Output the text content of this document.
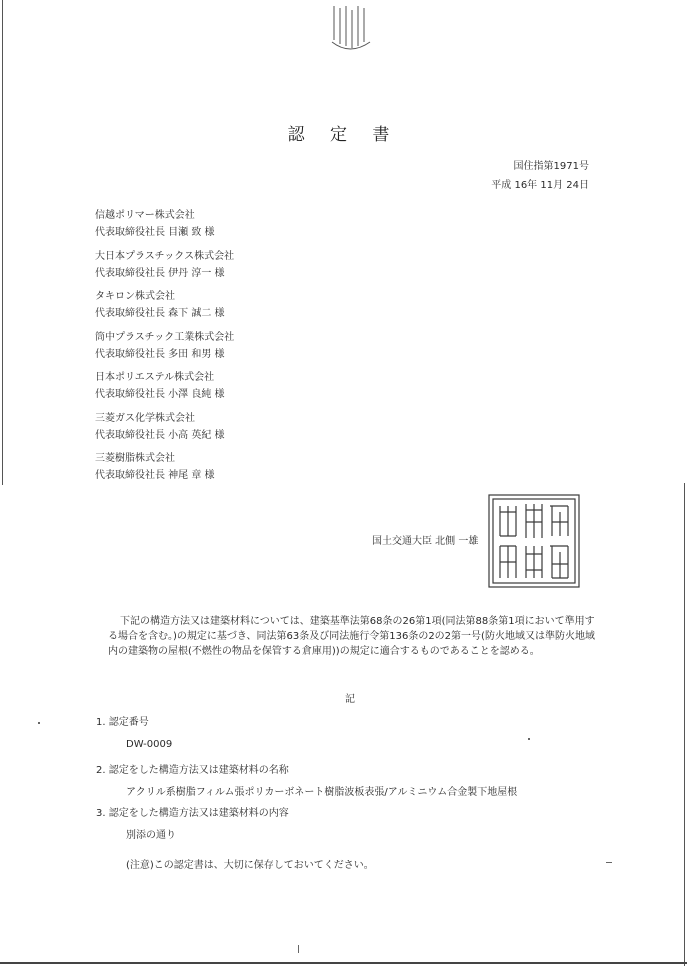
認 定 書
国住指第1971号
平成 16年 11月 24日
信越ポリマー株式会社
代表取締役社長 目瀬 致 様
大日本プラスチックス株式会社
代表取締役社長 伊丹 淳一 様
タキロン株式会社
代表取締役社長 森下 誠二 様
筒中プラスチック工業株式会社
代表取締役社長 多田 和男 様
日本ポリエステル株式会社
代表取締役社長 小澤 良純 様
三菱ガス化学株式会社
代表取締役社長 小高 英紀 様
三菱樹脂株式会社
代表取締役社長 神尾 章 様
国土交通大臣 北側 一雄
下記の構造方法又は建築材料については、建築基準法第68条の26第1項(同法第88条第1項において準用する場合を含む。)の規定に基づき、同法第63条及び同法施行令第136条の2の2第一号(防火地域又は準防火地域内の建築物の屋根(不燃性の物品を保管する倉庫用))の規定に適合するものであることを認める。
記
1. 認定番号
DW-0009
2. 認定をした構造方法又は建築材料の名称
アクリル系樹脂フィルム張ポリカーボネート樹脂波板表張/アルミニウム合金製下地屋根
3. 認定をした構造方法又は建築材料の内容
別添の通り
(注意)この認定書は、大切に保存しておいてください。
